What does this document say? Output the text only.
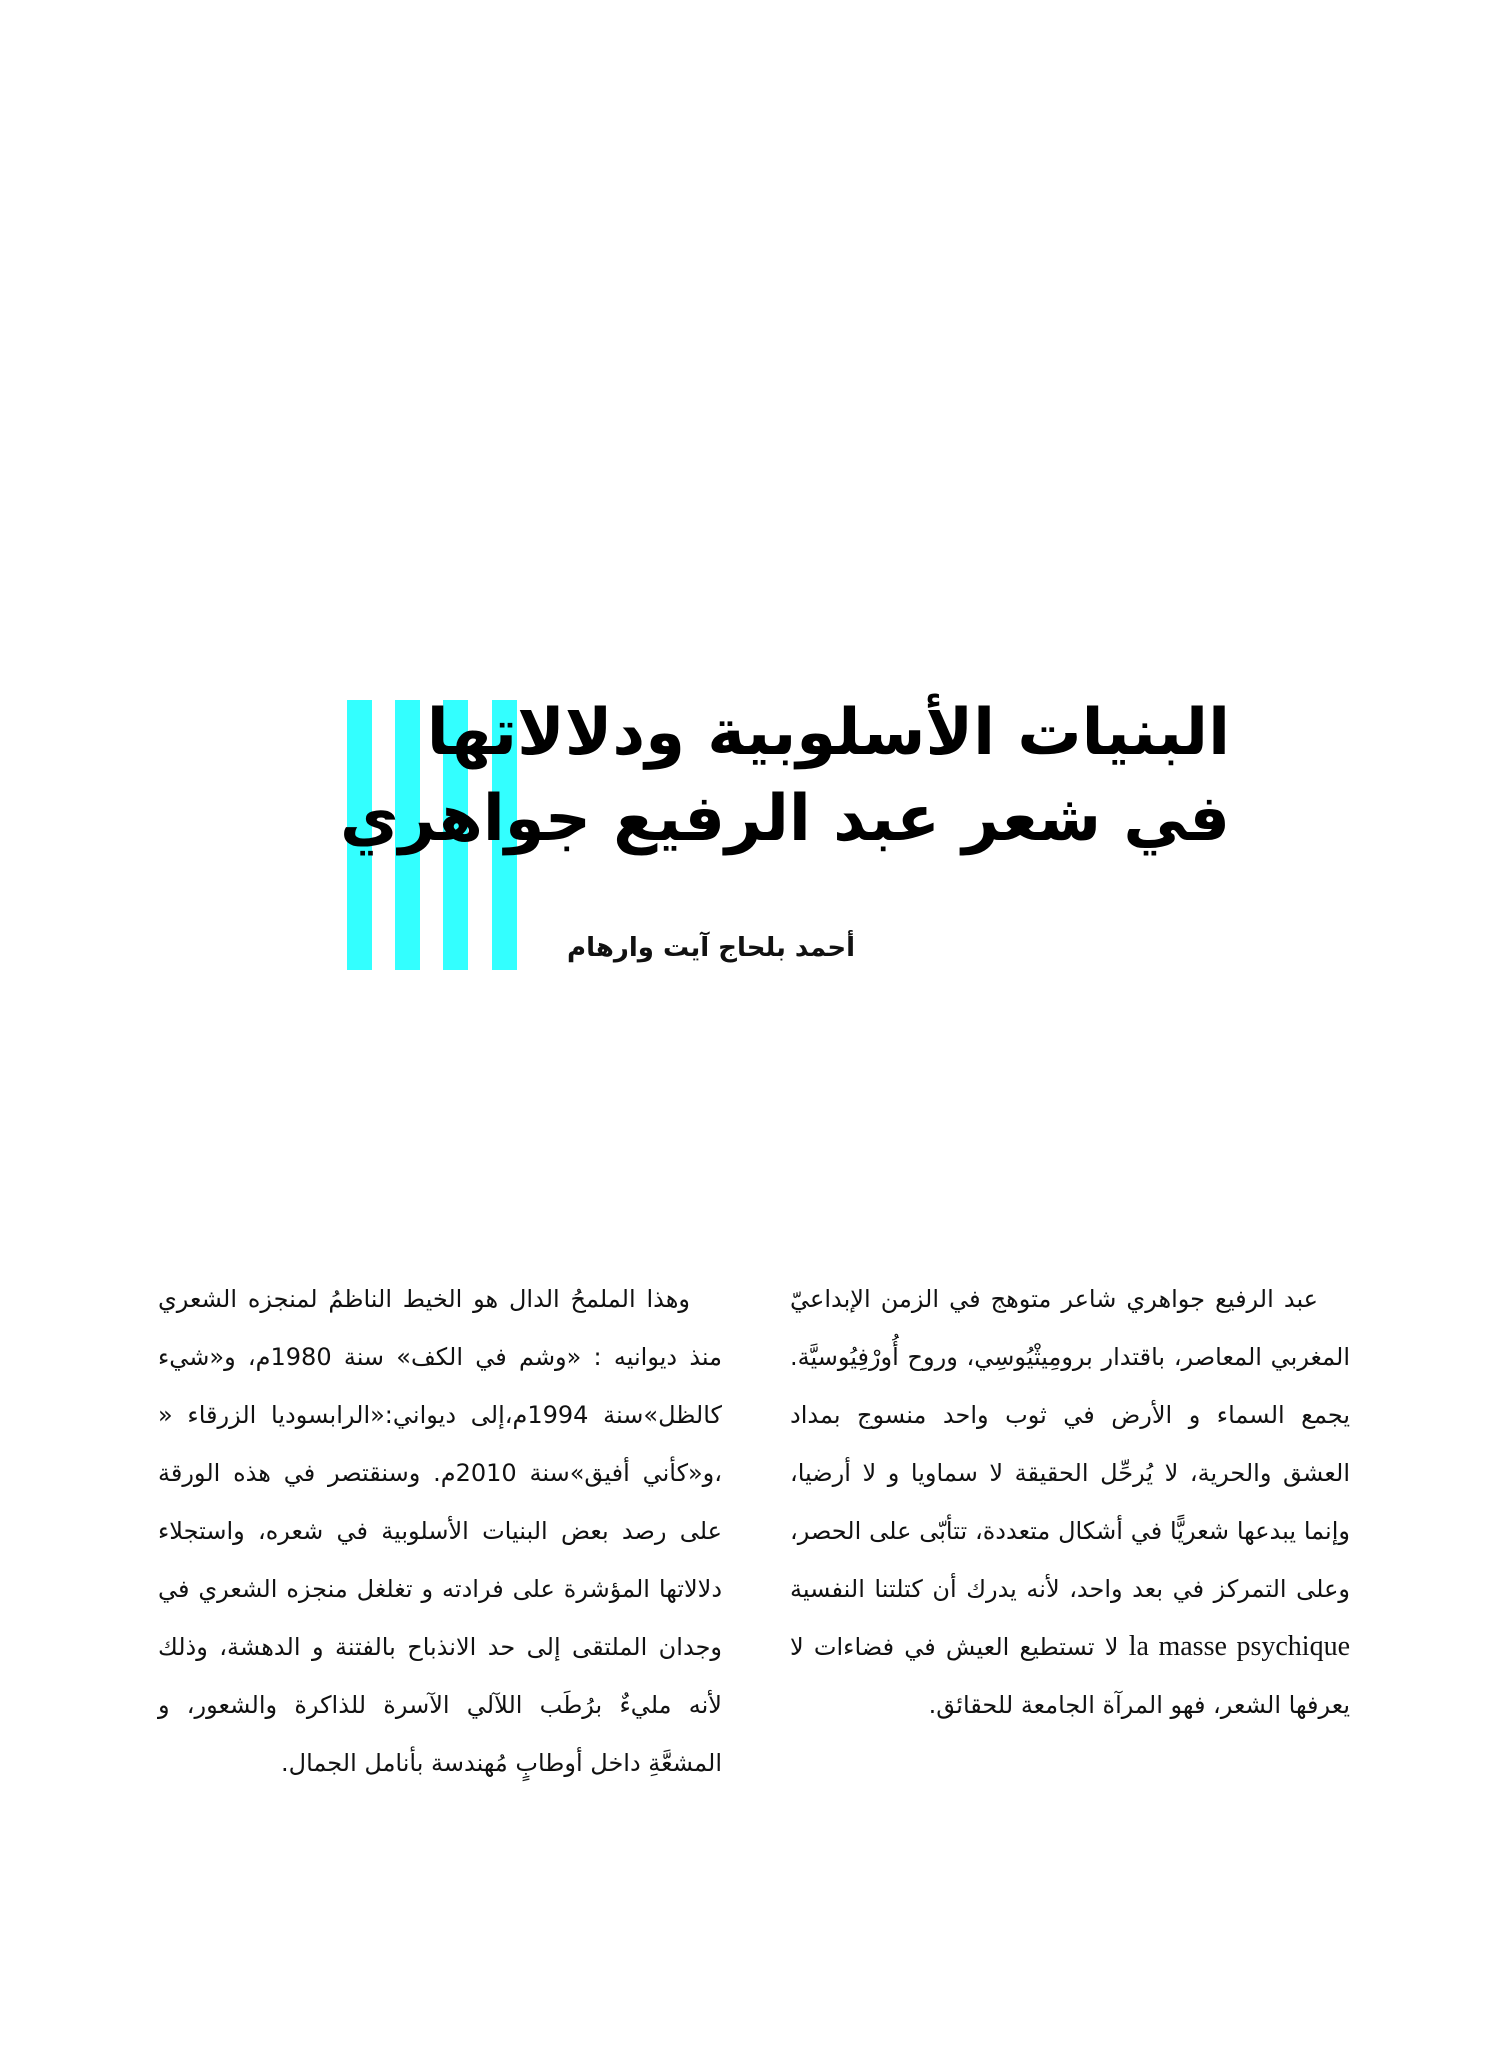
البنيات الأسلوبية ودلالاتها
في شعر عبد الرفيع جواهري
أحمد بلحاج آيت وارهام

عبد الرفيع جواهري شاعر متوهج في الزمن الإبداعيّ المغربي المعاصر، باقتدار برومِيثْيُوسِي، وروح أُورْفِيُوسيَّة. يجمع السماء و الأرض في ثوب واحد منسوج بمداد العشق والحرية، لا يُرحِّل الحقيقة لا سماويا و لا أرضيا، وإنما يبدعها شعريًّا في أشكال متعددة، تتأبّى على الحصر، وعلى التمركز في بعد واحد، لأنه يدرك أن كتلتنا النفسية la masse psychique لا تستطيع العيش في فضاءات لا يعرفها الشعر، فهو المرآة الجامعة للحقائق.

وهذا الملمحُ الدال هو الخيط الناظمُ لمنجزه الشعري منذ ديوانيه : «وشم في الكف» سنة 1980م، و«شيء كالظل»سنة 1994م،إلى ديواني:«الرابسوديا الزرقاء « ،و«كأني أفيق»سنة 2010م. وسنقتصر في هذه الورقة على رصد بعض البنيات الأسلوبية في شعره، واستجلاء دلالاتها المؤشرة على فرادته و تغلغل منجزه الشعري في وجدان الملتقى إلى حد الانذباح بالفتنة و الدهشة، وذلك لأنه مليءٌ برُطَب اللآلي الآسرة للذاكرة والشعور، و المشعَّةِ داخل أوطابٍ مُهندسة بأنامل الجمال.
